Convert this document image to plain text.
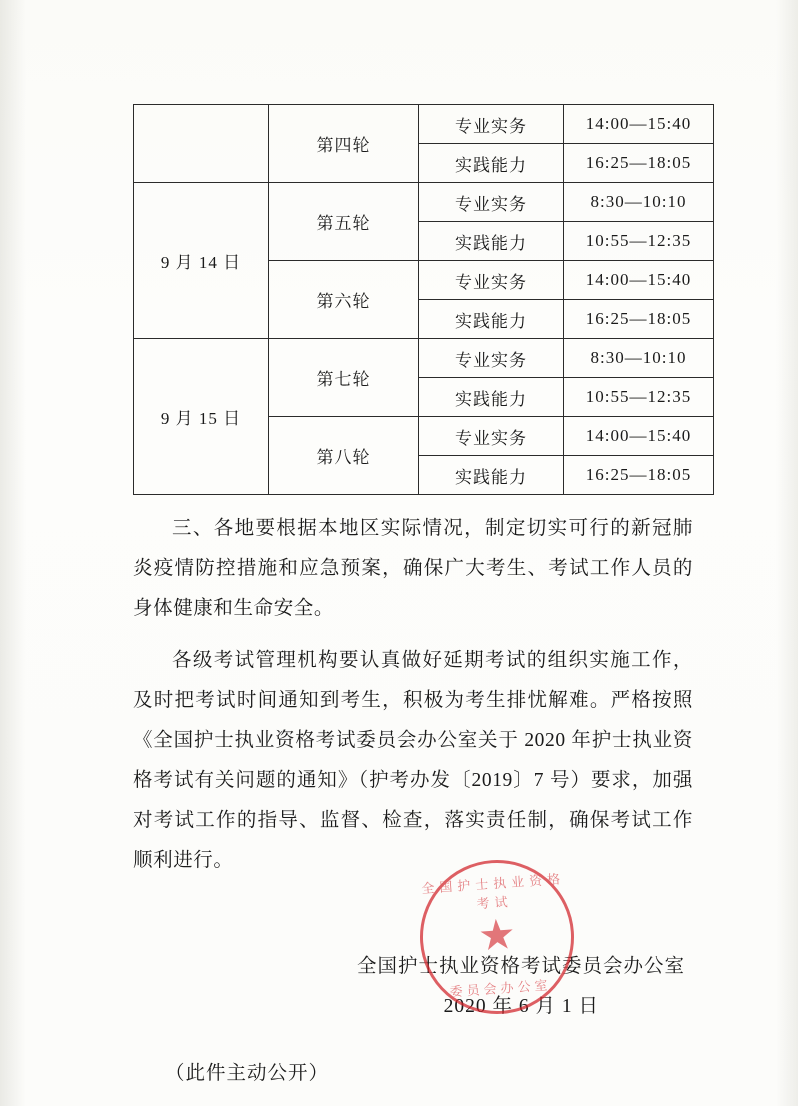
	第四轮	专业实务	14:00—15:40
		实践能力	16:25—18:05
9 月 14 日	第五轮	专业实务	8:30—10:10
		实践能力	10:55—12:35
	第六轮	专业实务	14:00—15:40
		实践能力	16:25—18:05
9 月 15 日	第七轮	专业实务	8:30—10:10
		实践能力	10:55—12:35
	第八轮	专业实务	14:00—15:40
		实践能力	16:25—18:05

三、各地要根据本地区实际情况，制定切实可行的新冠肺炎疫情防控措施和应急预案，确保广大考生、考试工作人员的身体健康和生命安全。

各级考试管理机构要认真做好延期考试的组织实施工作，及时把考试时间通知到考生，积极为考生排忧解难。严格按照《全国护士执业资格考试委员会办公室关于 2020 年护士执业资格考试有关问题的通知》（护考办发〔2019〕7 号）要求，加强对考试工作的指导、监督、检查，落实责任制，确保考试工作顺利进行。

全国护士执业资格考试委员会办公室
2020 年 6 月 1 日
（此件主动公开）
全国护士执业资格考试
★
委员会办公室
